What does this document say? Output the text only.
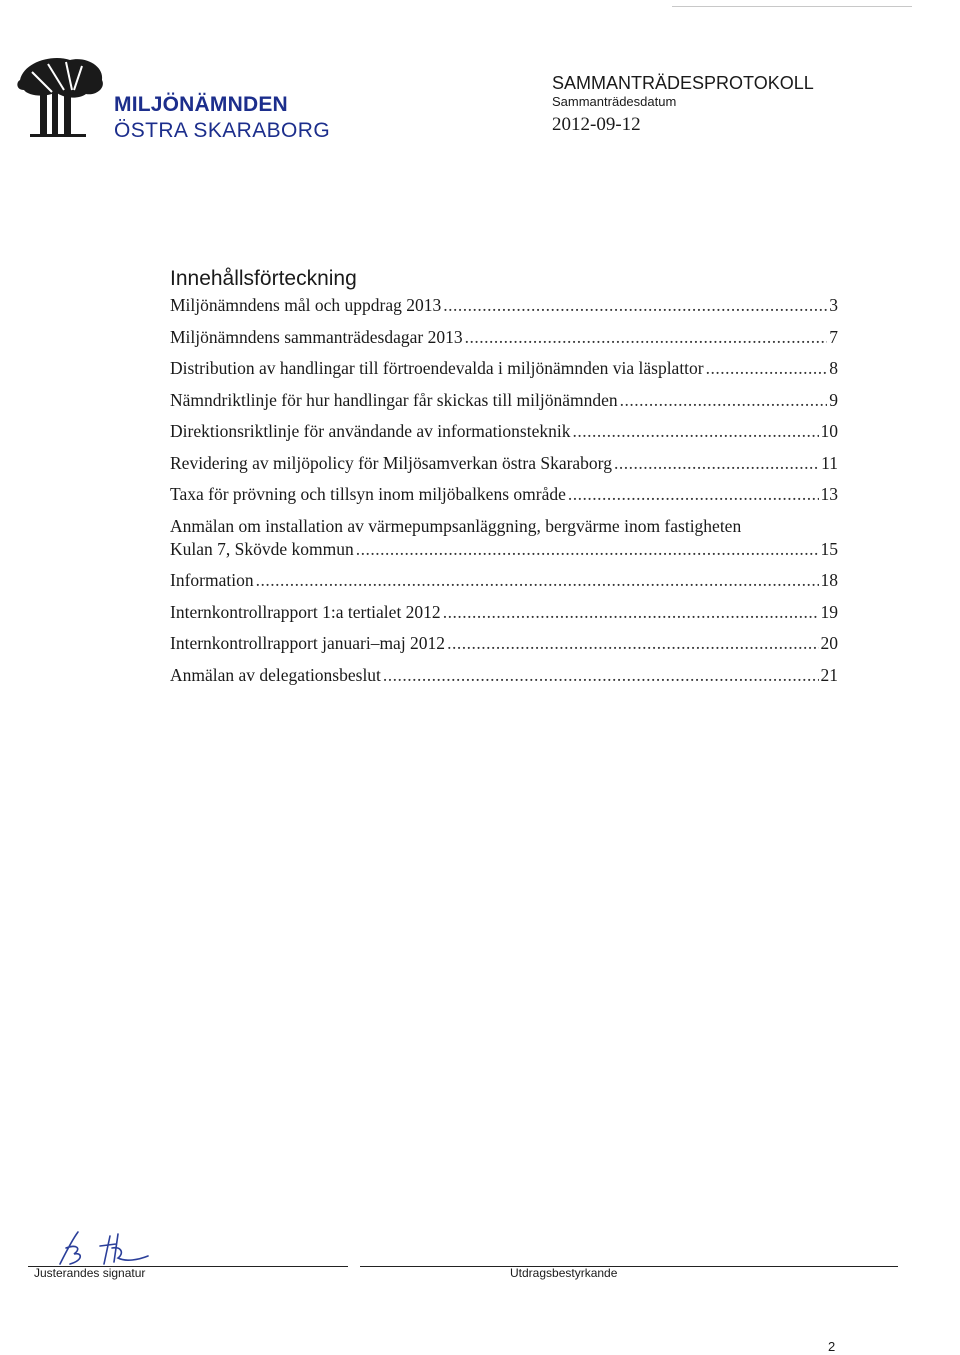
MILJÖNÄMNDEN
ÖSTRA SKARABORG
SAMMANTRÄDESPROTOKOLL
Sammanträdesdatum
2012-09-12
Innehållsförteckning
Miljönämndens mål och uppdrag 2013 .....	3
Miljönämndens sammanträdesdagar 2013 .....	7
Distribution av handlingar till förtroendevalda i miljönämnden via läsplattor .....	8
Nämndriktlinje för hur handlingar får skickas till miljönämnden .....	9
Direktionsriktlinje för användande av informationsteknik .....	10
Revidering av miljöpolicy för Miljösamverkan östra Skaraborg .....	11
Taxa för prövning och tillsyn inom miljöbalkens område .....	13
Anmälan om installation av värmepumpsanläggning, bergvärme inom fastigheten
Kulan 7, Skövde kommun .....	15
Information .....	18
Internkontrollrapport 1:a tertialet 2012 .....	19
Internkontrollrapport januari–maj 2012 .....	20
Anmälan av delegationsbeslut .....	21
Justerandes signatur	Utdragsbestyrkande
2
